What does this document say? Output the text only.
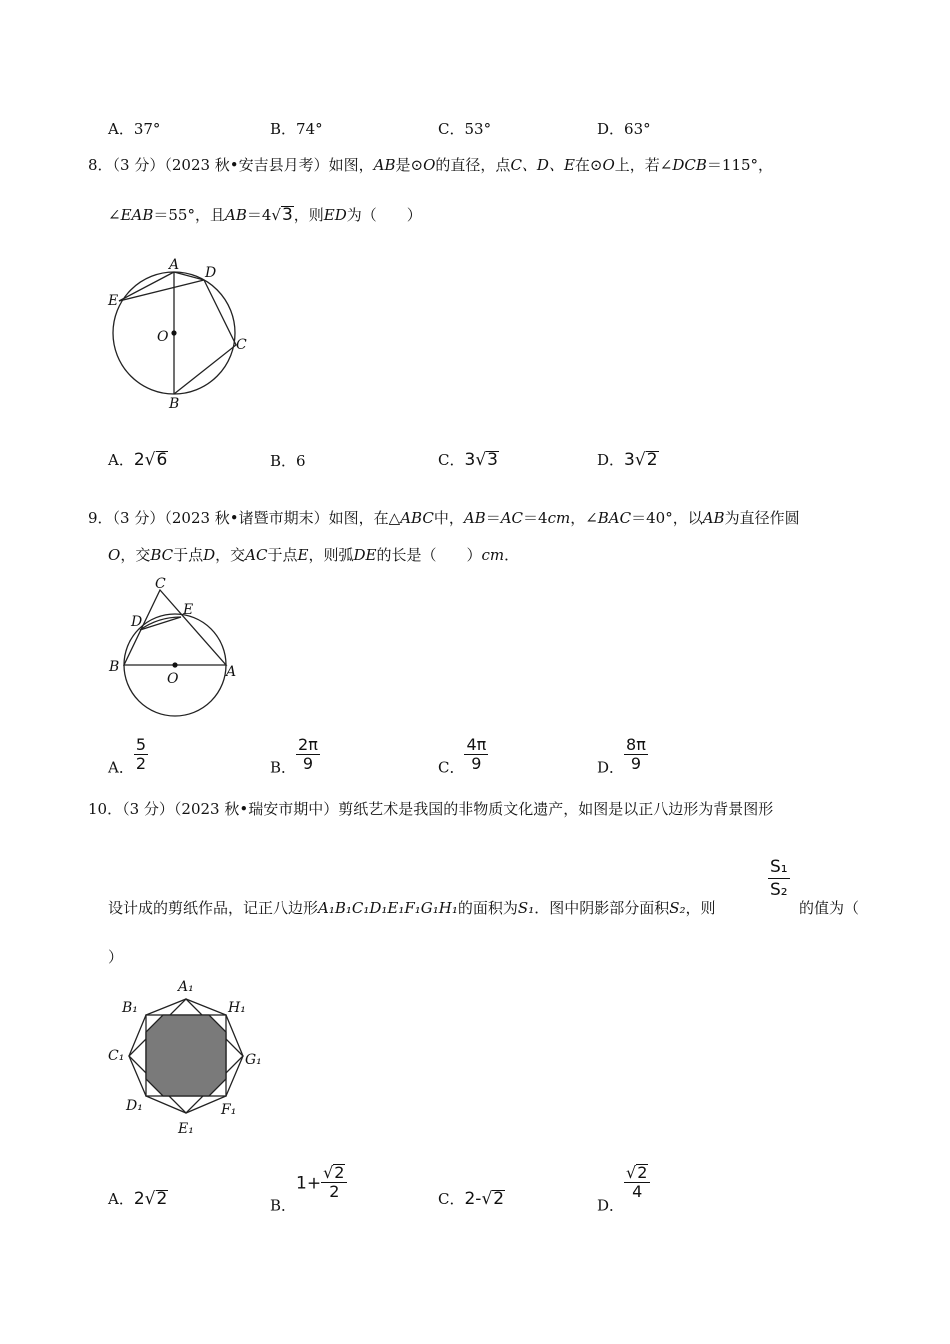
A．37°	B．74°	C．53°	D．63°
8．（3 分）（2023 秋•安吉县月考）如图，AB是⊙O的直径，点C、D、E在⊙O上，若∠DCB＝115°，
∠EAB＝55°，且AB＝4√3，则ED为（　　）
A D
E
O	C
B
A．2√6	B．6	C．3√3	D．3√2
9．（3 分）（2023 秋•诸暨市期末）如图，在△ABC中，AB＝AC＝4cm，∠BAC＝40°，以AB为直径作圆
O，交BC于点D，交AC于点E，则弧DE的长是（　　）cm．
C
E
D
B	A
O
A． $\frac{5}{2}$	B． $\frac{2\pi}{9}$	C． $\frac{4\pi}{9}$	D． $\frac{8\pi}{9}$
10．（3 分）（2023 秋•瑞安市期中）剪纸艺术是我国的非物质文化遗产，如图是以正八边形为背景图形
设计成的剪纸作品，记正八边形A₁B₁C₁D₁E₁F₁G₁H₁的面积为S₁．图中阴影部分面积S₂，则
$\frac{\text{S₁}}{\text{S₂}}$
的值为（
）
A₁
B₁	H₁
C₁	G₁
D₁	F₁
E₁
A．2√2	B．$1+ \frac{√2}{2}$	C．2-√2	D．
$\frac{√2}{4}$
